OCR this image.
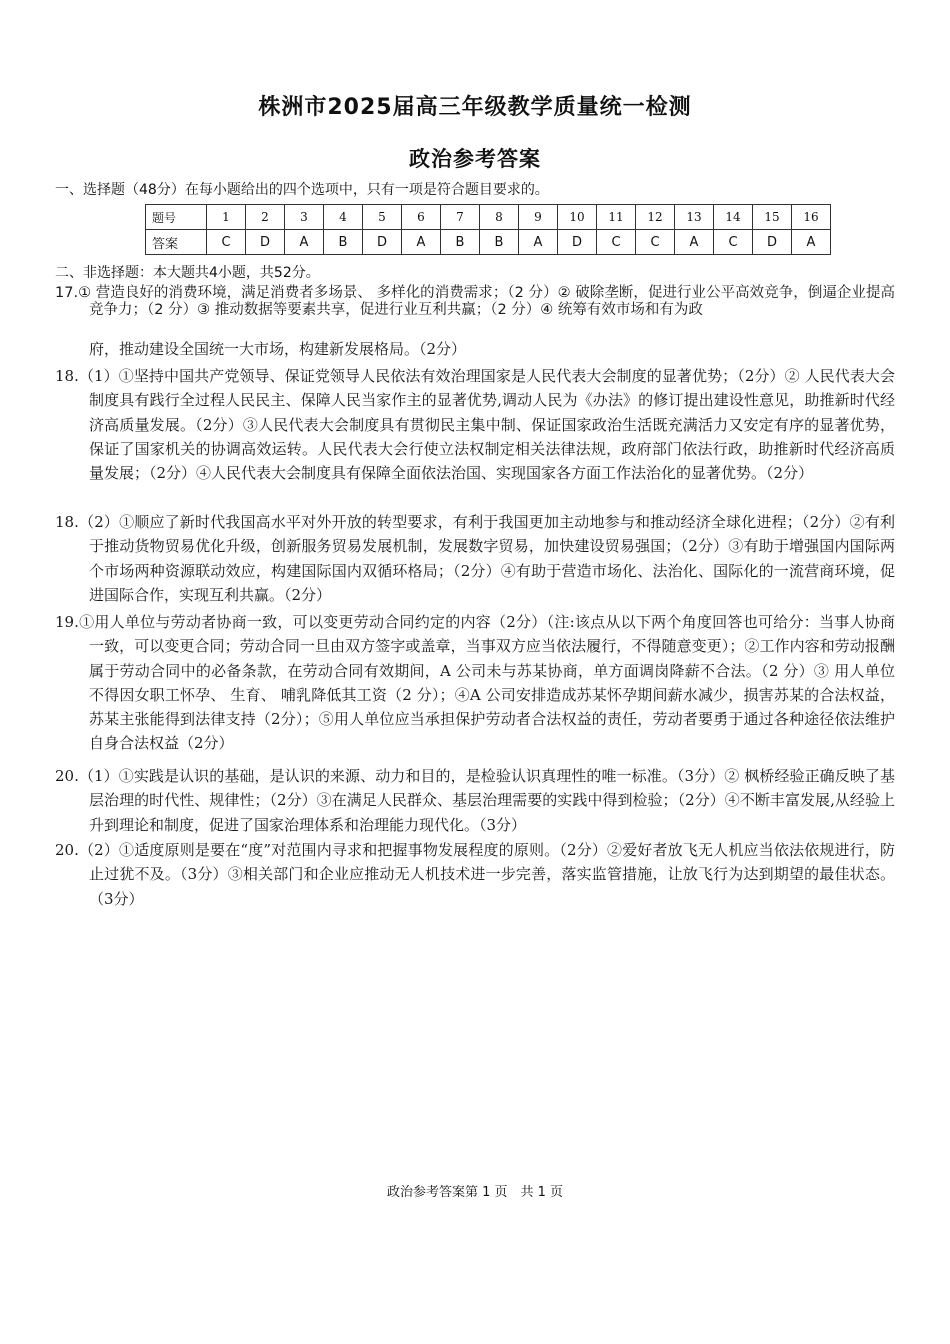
株洲市2025届高三年级教学质量统一检测
政治参考答案
一、选择题（48分）在每小题给出的四个选项中，只有一项是符合题目要求的。
题号	1	2	3	4	5	6	7	8	9	10	11	12	13	14	15	16
答案	C	D	A	B	D	A	B	B	A	D	C	C	A	C	D	A
二、非选择题：本大题共4小题，共52分。
17.① 营造良好的消费环境，满足消费者多场景、 多样化的消费需求；（2 分）② 破除垄断，促进行业公平高效竞争，倒逼企业提高竞争力；（2 分）③ 推动数据等要素共享，促进行业互利共赢；（2 分）④ 统筹有效市场和有为政
府，推动建设全国统一大市场，构建新发展格局。（2分）
18.（1）①坚持中国共产党领导、保证党领导人民依法有效治理国家是人民代表大会制度的显著优势；（2分）② 人民代表大会制度具有践行全过程人民民主、保障人民当家作主的显著优势,调动人民为《办法》的修订提出建设性意见，助推新时代经济高质量发展。（2分）③人民代表大会制度具有贯彻民主集中制、保证国家政治生活既充满活力又安定有序的显著优势，保证了国家机关的协调高效运转。人民代表大会行使立法权制定相关法律法规，政府部门依法行政，助推新时代经济高质量发展；（2分）④人民代表大会制度具有保障全面依法治国、实现国家各方面工作法治化的显著优势。（2分）
18.（2）①顺应了新时代我国高水平对外开放的转型要求，有利于我国更加主动地参与和推动经济全球化进程；（2分）②有利于推动货物贸易优化升级，创新服务贸易发展机制，发展数字贸易，加快建设贸易强国；（2分）③有助于增强国内国际两个市场两种资源联动效应，构建国际国内双循环格局；（2分）④有助于营造市场化、法治化、国际化的一流营商环境，促进国际合作，实现互利共赢。（2分）
19.①用人单位与劳动者协商一致，可以变更劳动合同约定的内容（2分）（注:该点从以下两个角度回答也可给分：当事人协商一致，可以变更合同；劳动合同一旦由双方签字或盖章，当事双方应当依法履行，不得随意变更）；②工作内容和劳动报酬属于劳动合同中的必备条款，在劳动合同有效期间，A 公司未与苏某协商，单方面调岗降薪不合法。（2 分）③ 用人单位不得因女职工怀孕、 生育、 哺乳降低其工资（2 分）；④A 公司安排造成苏某怀孕期间薪水减少，损害苏某的合法权益，苏某主张能得到法律支持（2分）；⑤用人单位应当承担保护劳动者合法权益的责任，劳动者要勇于通过各种途径依法维护自身合法权益（2分）
20.（1）①实践是认识的基础，是认识的来源、动力和目的，是检验认识真理性的唯一标准。（3分）② 枫桥经验正确反映了基层治理的时代性、规律性；（2分）③在满足人民群众、基层治理需要的实践中得到检验；（2分）④不断丰富发展,从经验上升到理论和制度，促进了国家治理体系和治理能力现代化。（3分）
20.（2）①适度原则是要在“度”对范围内寻求和把握事物发展程度的原则。（2分）②爱好者放飞无人机应当依法依规进行，防止过犹不及。（3分）③相关部门和企业应推动无人机技术进一步完善，落实监管措施，让放飞行为达到期望的最佳状态。（3分）
政治参考答案第 1 页　共 1 页
